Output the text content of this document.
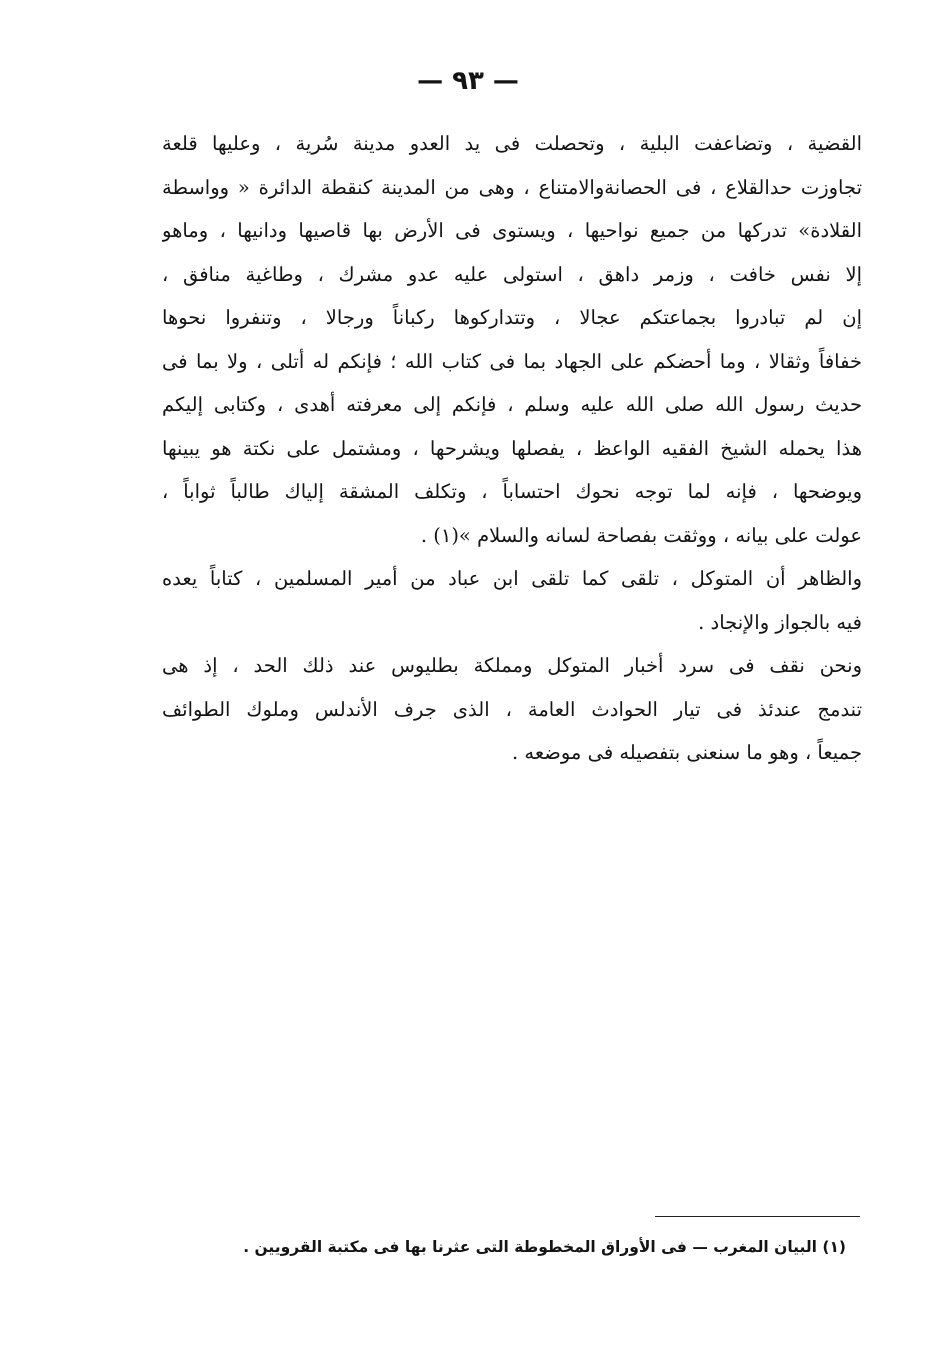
— ٩٣ —
القضية ، وتضاعفت البلية ، وتحصلت فى يد العدو مدينة سُرية ، وعليها قلعة
تجاوزت حدالقلاع ، فى الحصانةوالامتناع ، وهى من المدينة كنقطة الدائرة « وواسطة
القلادة» تدركها من جميع نواحيها ، ويستوى فى الأرض بها قاصيها ودانيها ، وماهو
إلا نفس خافت ، وزمر داهق ، استولى عليه عدو مشرك ، وطاغية منافق ،
إن لم تبادروا بجماعتكم عجالا ، وتتداركوها ركباناً ورجالا ، وتنفروا نحوها
خفافاً وثقالا ، وما أحضكم على الجهاد بما فى كتاب الله ؛ فإنكم له أتلى ، ولا بما فى
حديث رسول الله صلى الله عليه وسلم ، فإنكم إلى معرفته أهدى ، وكتابى إليكم
هذا يحمله الشيخ الفقيه الواعظ ، يفصلها ويشرحها ، ومشتمل على نكتة هو يبينها
ويوضحها ، فإنه لما توجه نحوك احتساباً ، وتكلف المشقة إلياك طالباً ثواباً ،
عولت على بيانه ، ووثقت بفصاحة لسانه والسلام »(١) .
والظاهر أن المتوكل ، تلقى كما تلقى ابن عباد من أمير المسلمين ، كتاباً يعده
فيه بالجواز والإنجاد .
ونحن نقف فى سرد أخبار المتوكل ومملكة بطليوس عند ذلك الحد ، إذ هى
تندمج عندئذ فى تيار الحوادث العامة ، الذى جرف الأندلس وملوك الطوائف
جميعاً ، وهو ما سنعنى بتفصيله فى موضعه .
(١) البيان المغرب — فى الأوراق المخطوطة التى عثرنا بها فى مكتبة القرويين .
